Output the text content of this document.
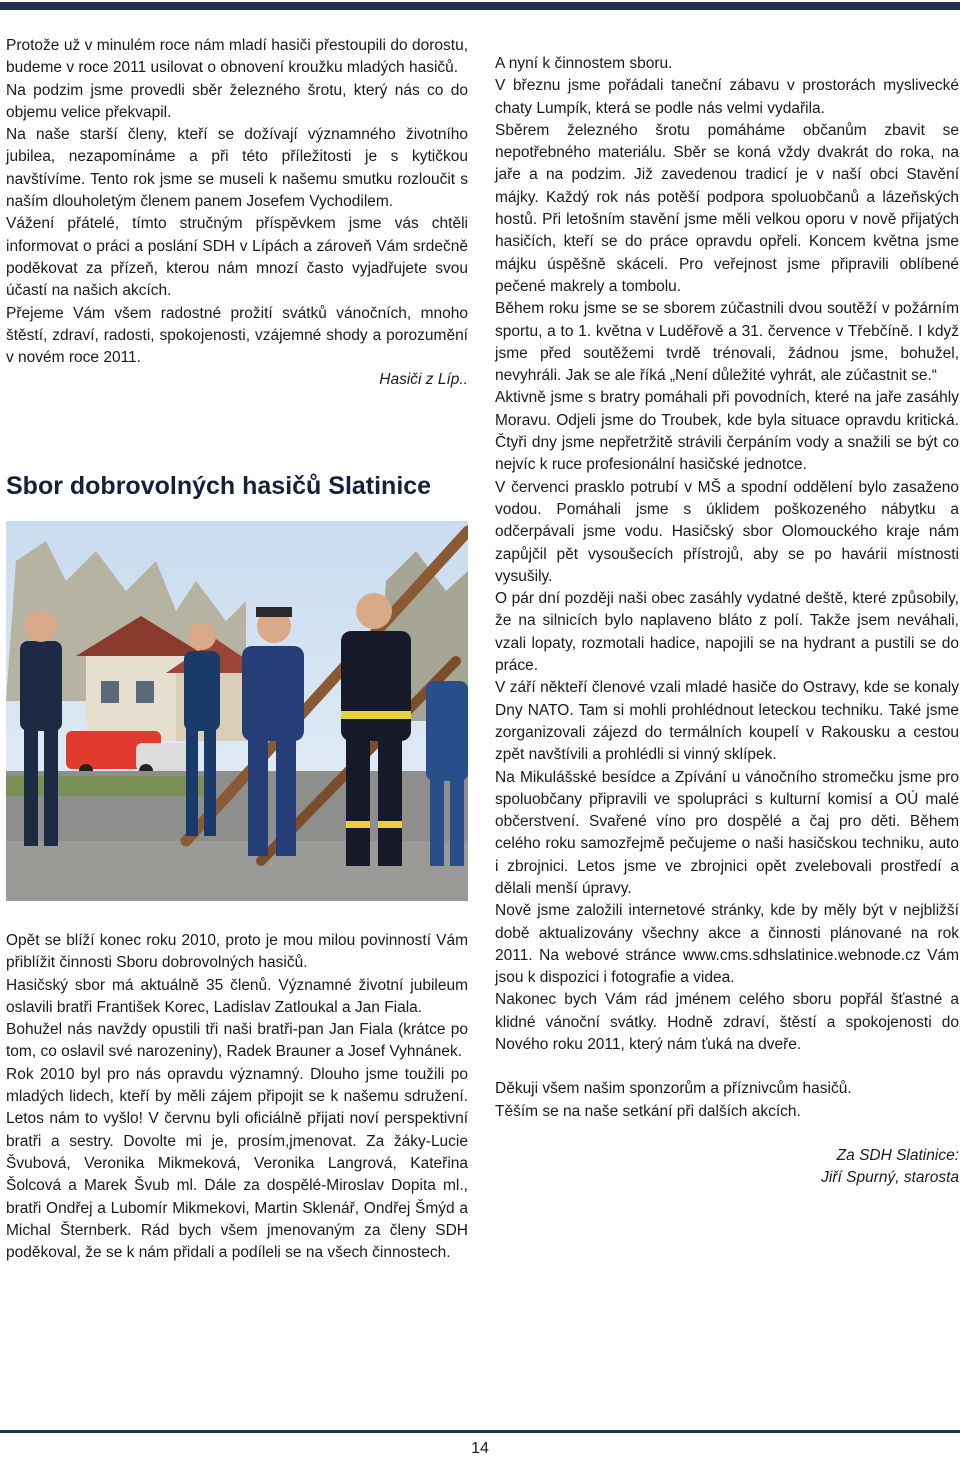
Protože už v minulém roce nám mladí hasiči přestoupili do dorostu, budeme v roce 2011 usilovat o obnovení kroužku mladých hasičů.

Na podzim jsme provedli sběr železného šrotu, který nás co do objemu velice překvapil.

Na naše starší členy, kteří se dožívají významného životního jubilea, nezapomínáme a při této příležitosti je s kytičkou navštívíme. Tento rok jsme se museli k našemu smutku rozloučit s naším dlouholetým členem panem Josefem Vychodilem.

Vážení přátelé, tímto stručným příspěvkem jsme vás chtěli informovat o práci a poslání SDH v Lípách a zároveň Vám srdečně poděkovat za přízeň, kterou nám mnozí často vyjadřujete svou účastí na našich akcích.

Přejeme Vám všem radostné prožití svátků vánočních, mnoho štěstí, zdraví, radosti, spokojenosti, vzájemné shody a porozumění v novém roce 2011.

Hasiči z Líp..

Sbor dobrovolných hasičů Slatinice

Opět se blíží konec roku 2010, proto je mou milou povinností Vám přiblížit činnosti Sboru dobrovolných hasičů.

Hasičský sbor má aktuálně 35 členů. Významné životní jubileum oslavili bratři František Korec, Ladislav Zatloukal a Jan Fiala.

Bohužel nás navždy opustili tři naši bratři-pan Jan Fiala (krátce po tom, co oslavil své narozeniny), Radek Brauner a Josef Vyhnánek.

Rok 2010 byl pro nás opravdu významný. Dlouho jsme toužili po mladých lidech, kteří by měli zájem připojit se k našemu sdružení. Letos nám to vyšlo! V červnu byli oficiálně přijati noví perspektivní bratři a sestry. Dovolte mi je, prosím,jmenovat. Za žáky-Lucie Švubová, Veronika Mikmeková, Veronika Langrová, Kateřina Šolcová a Marek Švub ml. Dále za dospělé-Miroslav Dopita ml., bratři Ondřej a Lubomír Mikmekovi, Martin Sklenář, Ondřej Šmýd a Michal Šternberk. Rád bych všem jmenovaným za členy SDH poděkoval, že se k nám přidali a podíleli se na všech činnostech.

A nyní k činnostem sboru.

V březnu jsme pořádali taneční zábavu v prostorách myslivecké chaty Lumpík, která se podle nás velmi vydařila.

Sběrem železného šrotu pomáháme občanům zbavit se nepotřebného materiálu. Sběr se koná vždy dvakrát do roka, na jaře a na podzim. Již zavedenou tradicí je v naší obci Stavění májky. Každý rok nás potěší podpora spoluobčanů a lázeňských hostů. Při letošním stavění jsme měli velkou oporu v nově přijatých hasičích, kteří se do práce opravdu opřeli. Koncem května jsme májku úspěšně skáceli. Pro veřejnost jsme připravili oblíbené pečené makrely a tombolu.

Během roku jsme se se sborem zúčastnili dvou soutěží v požárním sportu, a to 1. května v Luděřově a 31. července v Třebčíně. I když jsme před soutěžemi tvrdě trénovali, žádnou jsme, bohužel, nevyhráli. Jak se ale říká „Není důležité vyhrát, ale zúčastnit se.“

Aktivně jsme s bratry pomáhali při povodních, které na jaře zasáhly Moravu. Odjeli jsme do Troubek, kde byla situace opravdu kritická. Čtyři dny jsme nepřetržitě strávili čerpáním vody a snažili se být co nejvíc k ruce profesionální hasičské jednotce.

V červenci prasklo potrubí v MŠ a spodní oddělení bylo zasaženo vodou. Pomáhali jsme s úklidem poškozeného nábytku a odčerpávali jsme vodu. Hasičský sbor Olomouckého kraje nám zapůjčil pět vysoušecích přístrojů, aby se po havárii místnosti vysušily.

O pár dní později naši obec zasáhly vydatné deště, které způsobily, že na silnicích bylo naplaveno bláto z polí. Takže jsem neváhali, vzali lopaty, rozmotali hadice, napojili se na hydrant a pustili se do práce.

V září někteří členové vzali mladé hasiče do Ostravy, kde se konaly Dny NATO. Tam si mohli prohlédnout leteckou techniku. Také jsme zorganizovali zájezd do termálních koupelí v Rakousku a cestou zpět navštívili a prohlédli si vinný sklípek.

Na Mikulášské besídce a Zpívání u vánočního stromečku jsme pro spoluobčany připravili ve spolupráci s kulturní komisí a OÚ malé občerstvení. Svařené víno pro dospělé a čaj pro děti. Během celého roku samozřejmě pečujeme o naši hasičskou techniku, auto i zbrojnici. Letos jsme ve zbrojnici opět zvelebovali prostředí a dělali menší úpravy.

Nově jsme založili internetové stránky, kde by měly být v nejbližší době aktualizovány všechny akce a činnosti plánované na rok 2011. Na webové stránce www.cms.sdhslatinice.webnode.cz Vám jsou k dispozici i fotografie a videa.

Nakonec bych Vám rád jménem celého sboru popřál šťastné a klidné vánoční svátky. Hodně zdraví, štěstí a spokojenosti do Nového roku 2011, který nám ťuká na dveře.

Děkuji všem našim sponzorům a příznivcům hasičů.

Těším se na naše setkání při dalších akcích.

Za SDH Slatinice:

Jiří Spurný, starosta

14
